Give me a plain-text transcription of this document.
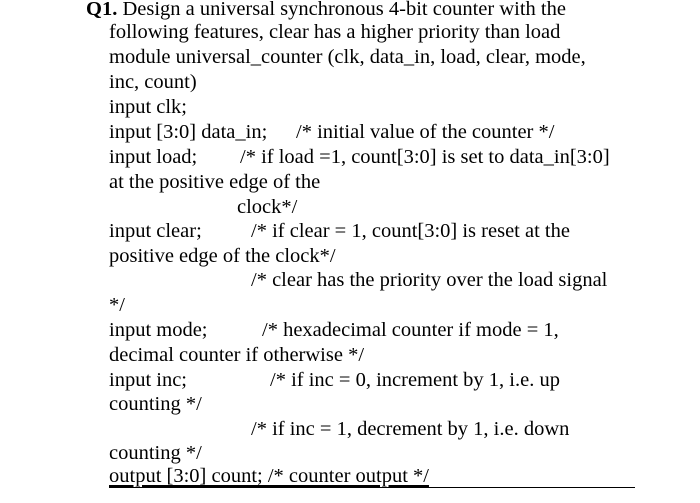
Q1. Design a universal synchronous 4-bit counter with the
following features, clear has a higher priority than load
module universal_counter (clk, data_in, load, clear, mode,
inc, count)
input clk;
input [3:0] data_in; /* initial value of the counter */
input load; /* if load =1, count[3:0] is set to data_in[3:0]
at the positive edge of the
clock*/
input clear; /* if clear = 1, count[3:0] is reset at the
positive edge of the clock*/
/* clear has the priority over the load signal
*/
input mode;	/* hexadecimal counter if mode = 1,
decimal counter if otherwise */
input inc;	/* if inc = 0, increment by 1, i.e. up
counting */
/* if inc = 1, decrement by 1, i.e. down
counting */
output [3:0] count; /* counter output */
